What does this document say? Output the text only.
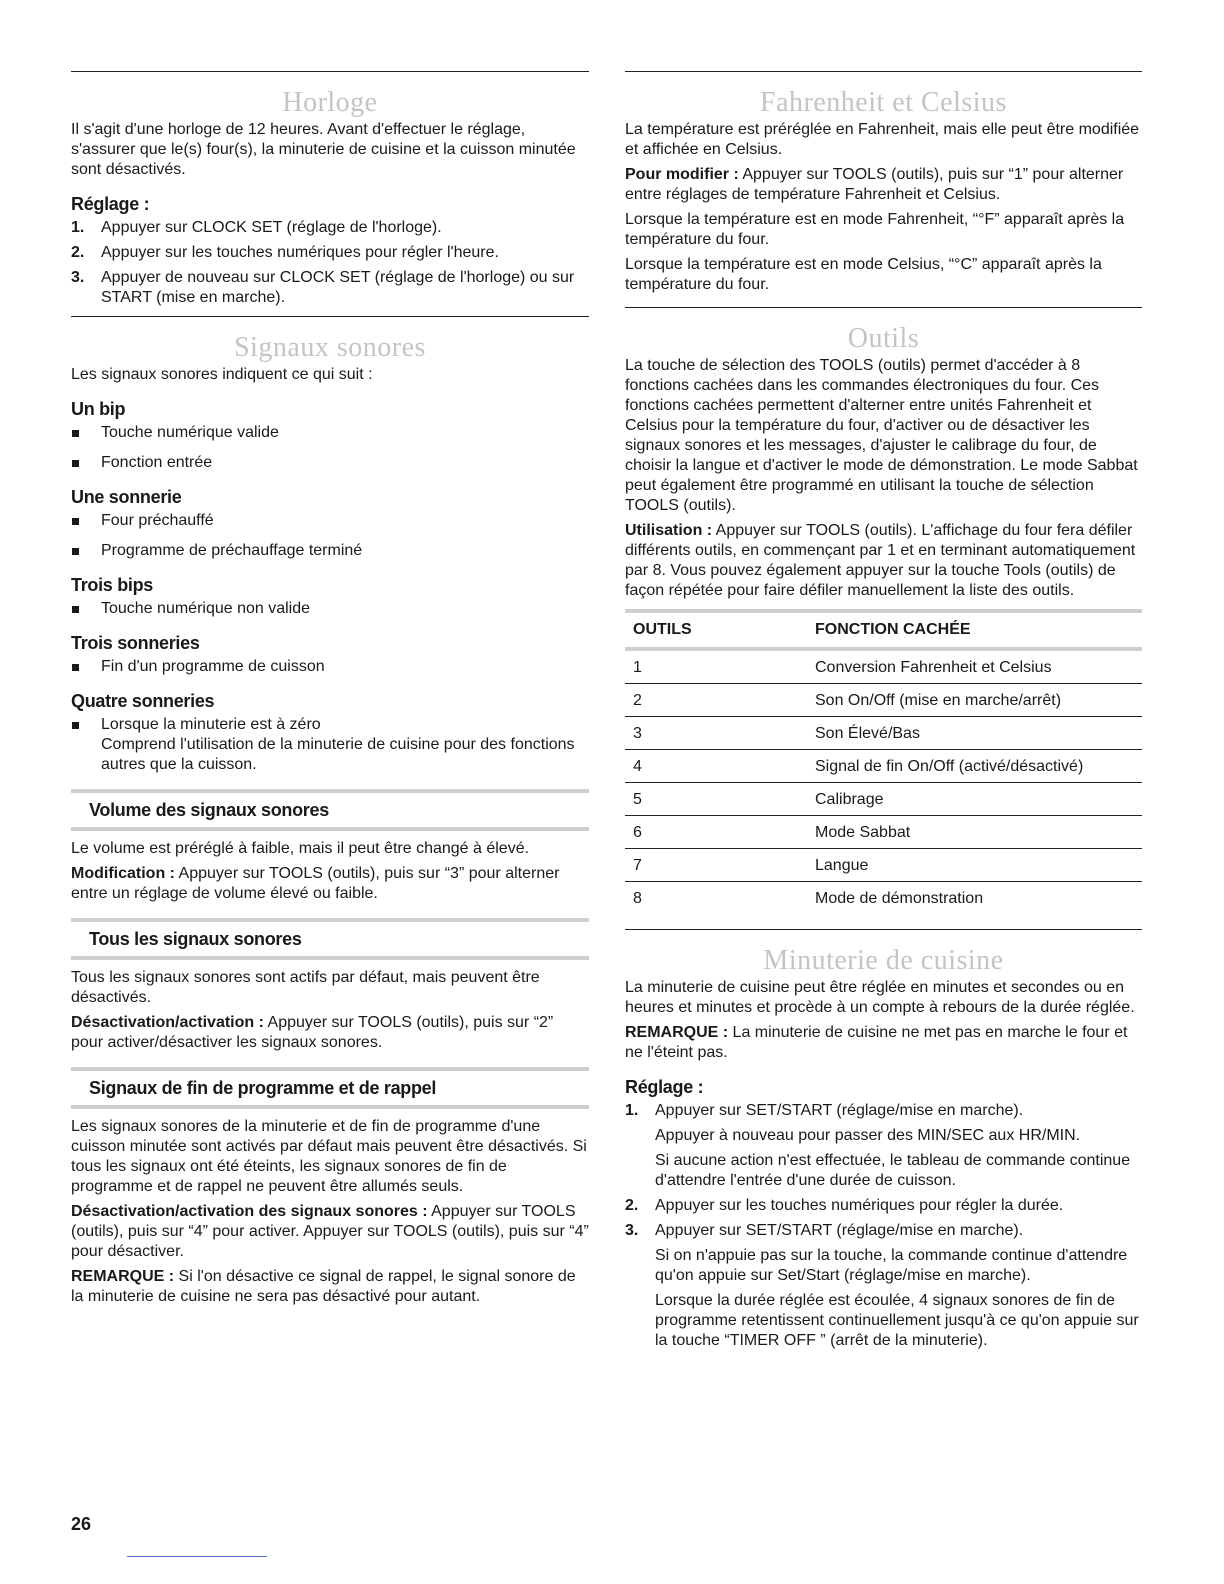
Horloge

Il s'agit d'une horloge de 12 heures. Avant d'effectuer le réglage, s'assurer que le(s) four(s), la minuterie de cuisine et la cuisson minutée sont désactivés.

Réglage :
1. Appuyer sur CLOCK SET (réglage de l'horloge).
2. Appuyer sur les touches numériques pour régler l'heure.
3. Appuyer de nouveau sur CLOCK SET (réglage de l'horloge) ou sur START (mise en marche).
Signaux sonores

Les signaux sonores indiquent ce qui suit :

Un bip
Touche numérique valide
Fonction entrée
Une sonnerie
Four préchauffé
Programme de préchauffage terminé
Trois bips
Touche numérique non valide
Trois sonneries
Fin d'un programme de cuisson
Quatre sonneries
Lorsque la minuterie est à zéro
Comprend l'utilisation de la minuterie de cuisine pour des fonctions autres que la cuisson.
Volume des signaux sonores

Le volume est préréglé à faible, mais il peut être changé à élevé.

Modification : Appuyer sur TOOLS (outils), puis sur “3” pour alterner entre un réglage de volume élevé ou faible.

Tous les signaux sonores

Tous les signaux sonores sont actifs par défaut, mais peuvent être désactivés.

Désactivation/activation : Appuyer sur TOOLS (outils), puis sur “2” pour activer/désactiver les signaux sonores.

Signaux de fin de programme et de rappel

Les signaux sonores de la minuterie et de fin de programme d'une cuisson minutée sont activés par défaut mais peuvent être désactivés. Si tous les signaux ont été éteints, les signaux sonores de fin de programme et de rappel ne peuvent être allumés seuls.

Désactivation/activation des signaux sonores : Appuyer sur TOOLS (outils), puis sur “4” pour activer. Appuyer sur TOOLS (outils), puis sur “4” pour désactiver.

REMARQUE : Si l'on désactive ce signal de rappel, le signal sonore de la minuterie de cuisine ne sera pas désactivé pour autant.

Fahrenheit et Celsius

La température est préréglée en Fahrenheit, mais elle peut être modifiée et affichée en Celsius.

Pour modifier : Appuyer sur TOOLS (outils), puis sur “1” pour alterner entre réglages de température Fahrenheit et Celsius.

Lorsque la température est en mode Fahrenheit, “°F” apparaît après la température du four.

Lorsque la température est en mode Celsius, “°C” apparaît après la température du four.

Outils

La touche de sélection des TOOLS (outils) permet d'accéder à 8 fonctions cachées dans les commandes électroniques du four. Ces fonctions cachées permettent d'alterner entre unités Fahrenheit et Celsius pour la température du four, d'activer ou de désactiver les signaux sonores et les messages, d'ajuster le calibrage du four, de choisir la langue et d'activer le mode de démonstration. Le mode Sabbat peut également être programmé en utilisant la touche de sélection TOOLS (outils).

Utilisation : Appuyer sur TOOLS (outils). L'affichage du four fera défiler différents outils, en commençant par 1 et en terminant automatiquement par 8. Vous pouvez également appuyer sur la touche Tools (outils) de façon répétée pour faire défiler manuellement la liste des outils.

OUTILS	FONCTION CACHÉE
1	Conversion Fahrenheit et Celsius
2	Son On/Off (mise en marche/arrêt)
3	Son Élevé/Bas
4	Signal de fin On/Off (activé/désactivé)
5	Calibrage
6	Mode Sabbat
7	Langue
8	Mode de démonstration
Minuterie de cuisine

La minuterie de cuisine peut être réglée en minutes et secondes ou en heures et minutes et procède à un compte à rebours de la durée réglée.

REMARQUE : La minuterie de cuisine ne met pas en marche le four et ne l'éteint pas.

Réglage :
1. Appuyer sur SET/START (réglage/mise en marche).
Appuyer à nouveau pour passer des MIN/SEC aux HR/MIN.
Si aucune action n'est effectuée, le tableau de commande continue d'attendre l'entrée d'une durée de cuisson.
2. Appuyer sur les touches numériques pour régler la durée.
3. Appuyer sur SET/START (réglage/mise en marche).
Si on n'appuie pas sur la touche, la commande continue d'attendre qu'on appuie sur Set/Start (réglage/mise en marche).
Lorsque la durée réglée est écoulée, 4 signaux sonores de fin de programme retentissent continuellement jusqu'à ce qu'on appuie sur la touche “TIMER OFF ” (arrêt de la minuterie).
26
